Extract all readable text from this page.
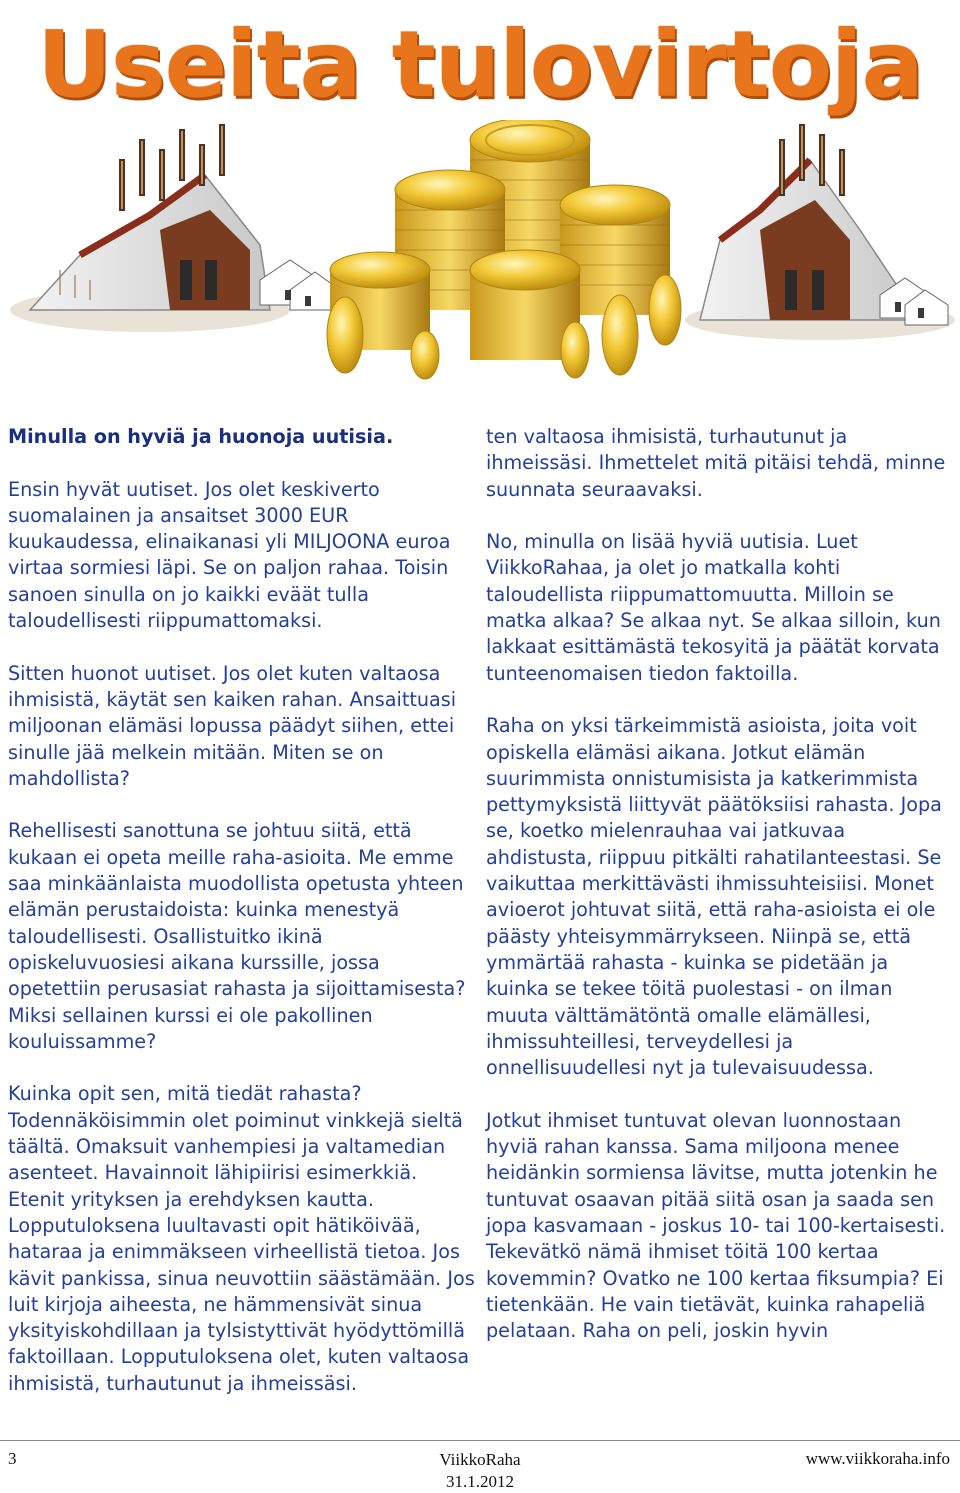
Useita tulovirtoja

Minulla on hyviä ja huonoja uutisia.

Ensin hyvät uutiset. Jos olet keskiverto suomalainen ja ansaitset 3000 EUR kuukaudessa, elinaikanasi yli MILJOONA euroa virtaa sormiesi läpi. Se on paljon rahaa. Toisin sanoen sinulla on jo kaikki eväät tulla taloudellisesti riippumattomaksi.

Sitten huonot uutiset. Jos olet kuten valtaosa ihmisistä, käytät sen kaiken rahan. Ansaittuasi miljoonan elämäsi lopussa päädyt siihen, ettei sinulle jää melkein mitään. Miten se on mahdollista?

Rehellisesti sanottuna se johtuu siitä, että kukaan ei opeta meille raha-asioita. Me emme saa minkäänlaista muodollista opetusta yhteen elämän perustaidoista: kuinka menestyä taloudellisesti. Osallistuitko ikinä opiskeluvuosiesi aikana kurssille, jossa opetettiin perusasiat rahasta ja sijoittamisesta? Miksi sellainen kurssi ei ole pakollinen kouluissamme?

Kuinka opit sen, mitä tiedät rahasta? Todennäköisimmin olet poiminut vinkkejä sieltä täältä. Omaksuit vanhempiesi ja valtamedian asenteet. Havainnoit lähipiirisi esimerkkiä. Etenit yrityksen ja erehdyksen kautta. Lopputuloksena luultavasti opit hätiköivää, hataraa ja enimmäkseen virheellistä tietoa. Jos kävit pankissa, sinua neuvottiin säästämään. Jos luit kirjoja aiheesta, ne hämmensivät sinua yksityiskohdillaan ja tylsistyttivät hyödyttömillä faktoillaan. Lopputuloksena olet, kuten valtaosa ihmisistä, turhautunut ja ihmeissäsi.

ten valtaosa ihmisistä, turhautunut ja ihmeissäsi. Ihmettelet mitä pitäisi tehdä, minne suunnata seuraavaksi.

No, minulla on lisää hyviä uutisia. Luet ViikkoRahaa, ja olet jo matkalla kohti taloudellista riippumattomuutta. Milloin se matka alkaa? Se alkaa nyt. Se alkaa silloin, kun lakkaat esittämästä tekosyitä ja päätät korvata tunteenomaisen tiedon faktoilla.

Raha on yksi tärkeimmistä asioista, joita voit opiskella elämäsi aikana. Jotkut elämän suurimmista onnistumisista ja katkerimmista pettymyksistä liittyvät päätöksiisi rahasta. Jopa se, koetko mielenrauhaa vai jatkuvaa ahdistusta, riippuu pitkälti rahatilanteestasi. Se vaikuttaa merkittävästi ihmissuhteisiisi. Monet avioerot johtuvat siitä, että raha-asioista ei ole päästy yhteisymmärrykseen. Niinpä se, että ymmärtää rahasta - kuinka se pidetään ja kuinka se tekee töitä puolestasi - on ilman muuta välttämätöntä omalle elämällesi, ihmissuhteillesi, terveydellesi ja onnellisuudellesi nyt ja tulevaisuudessa.

Jotkut ihmiset tuntuvat olevan luonnostaan hyviä rahan kanssa. Sama miljoona menee heidänkin sormiensa lävitse, mutta jotenkin he tuntuvat osaavan pitää siitä osan ja saada sen jopa kasvamaan - joskus 10- tai 100-kertaisesti. Tekevätkö nämä ihmiset töitä 100 kertaa kovemmin? Ovatko ne 100 kertaa fiksumpia? Ei tietenkään. He vain tietävät, kuinka rahapeliä pelataan. Raha on peli, joskin hyvin

3	ViikkoRaha
31.1.2012
www.viikkoraha.info
